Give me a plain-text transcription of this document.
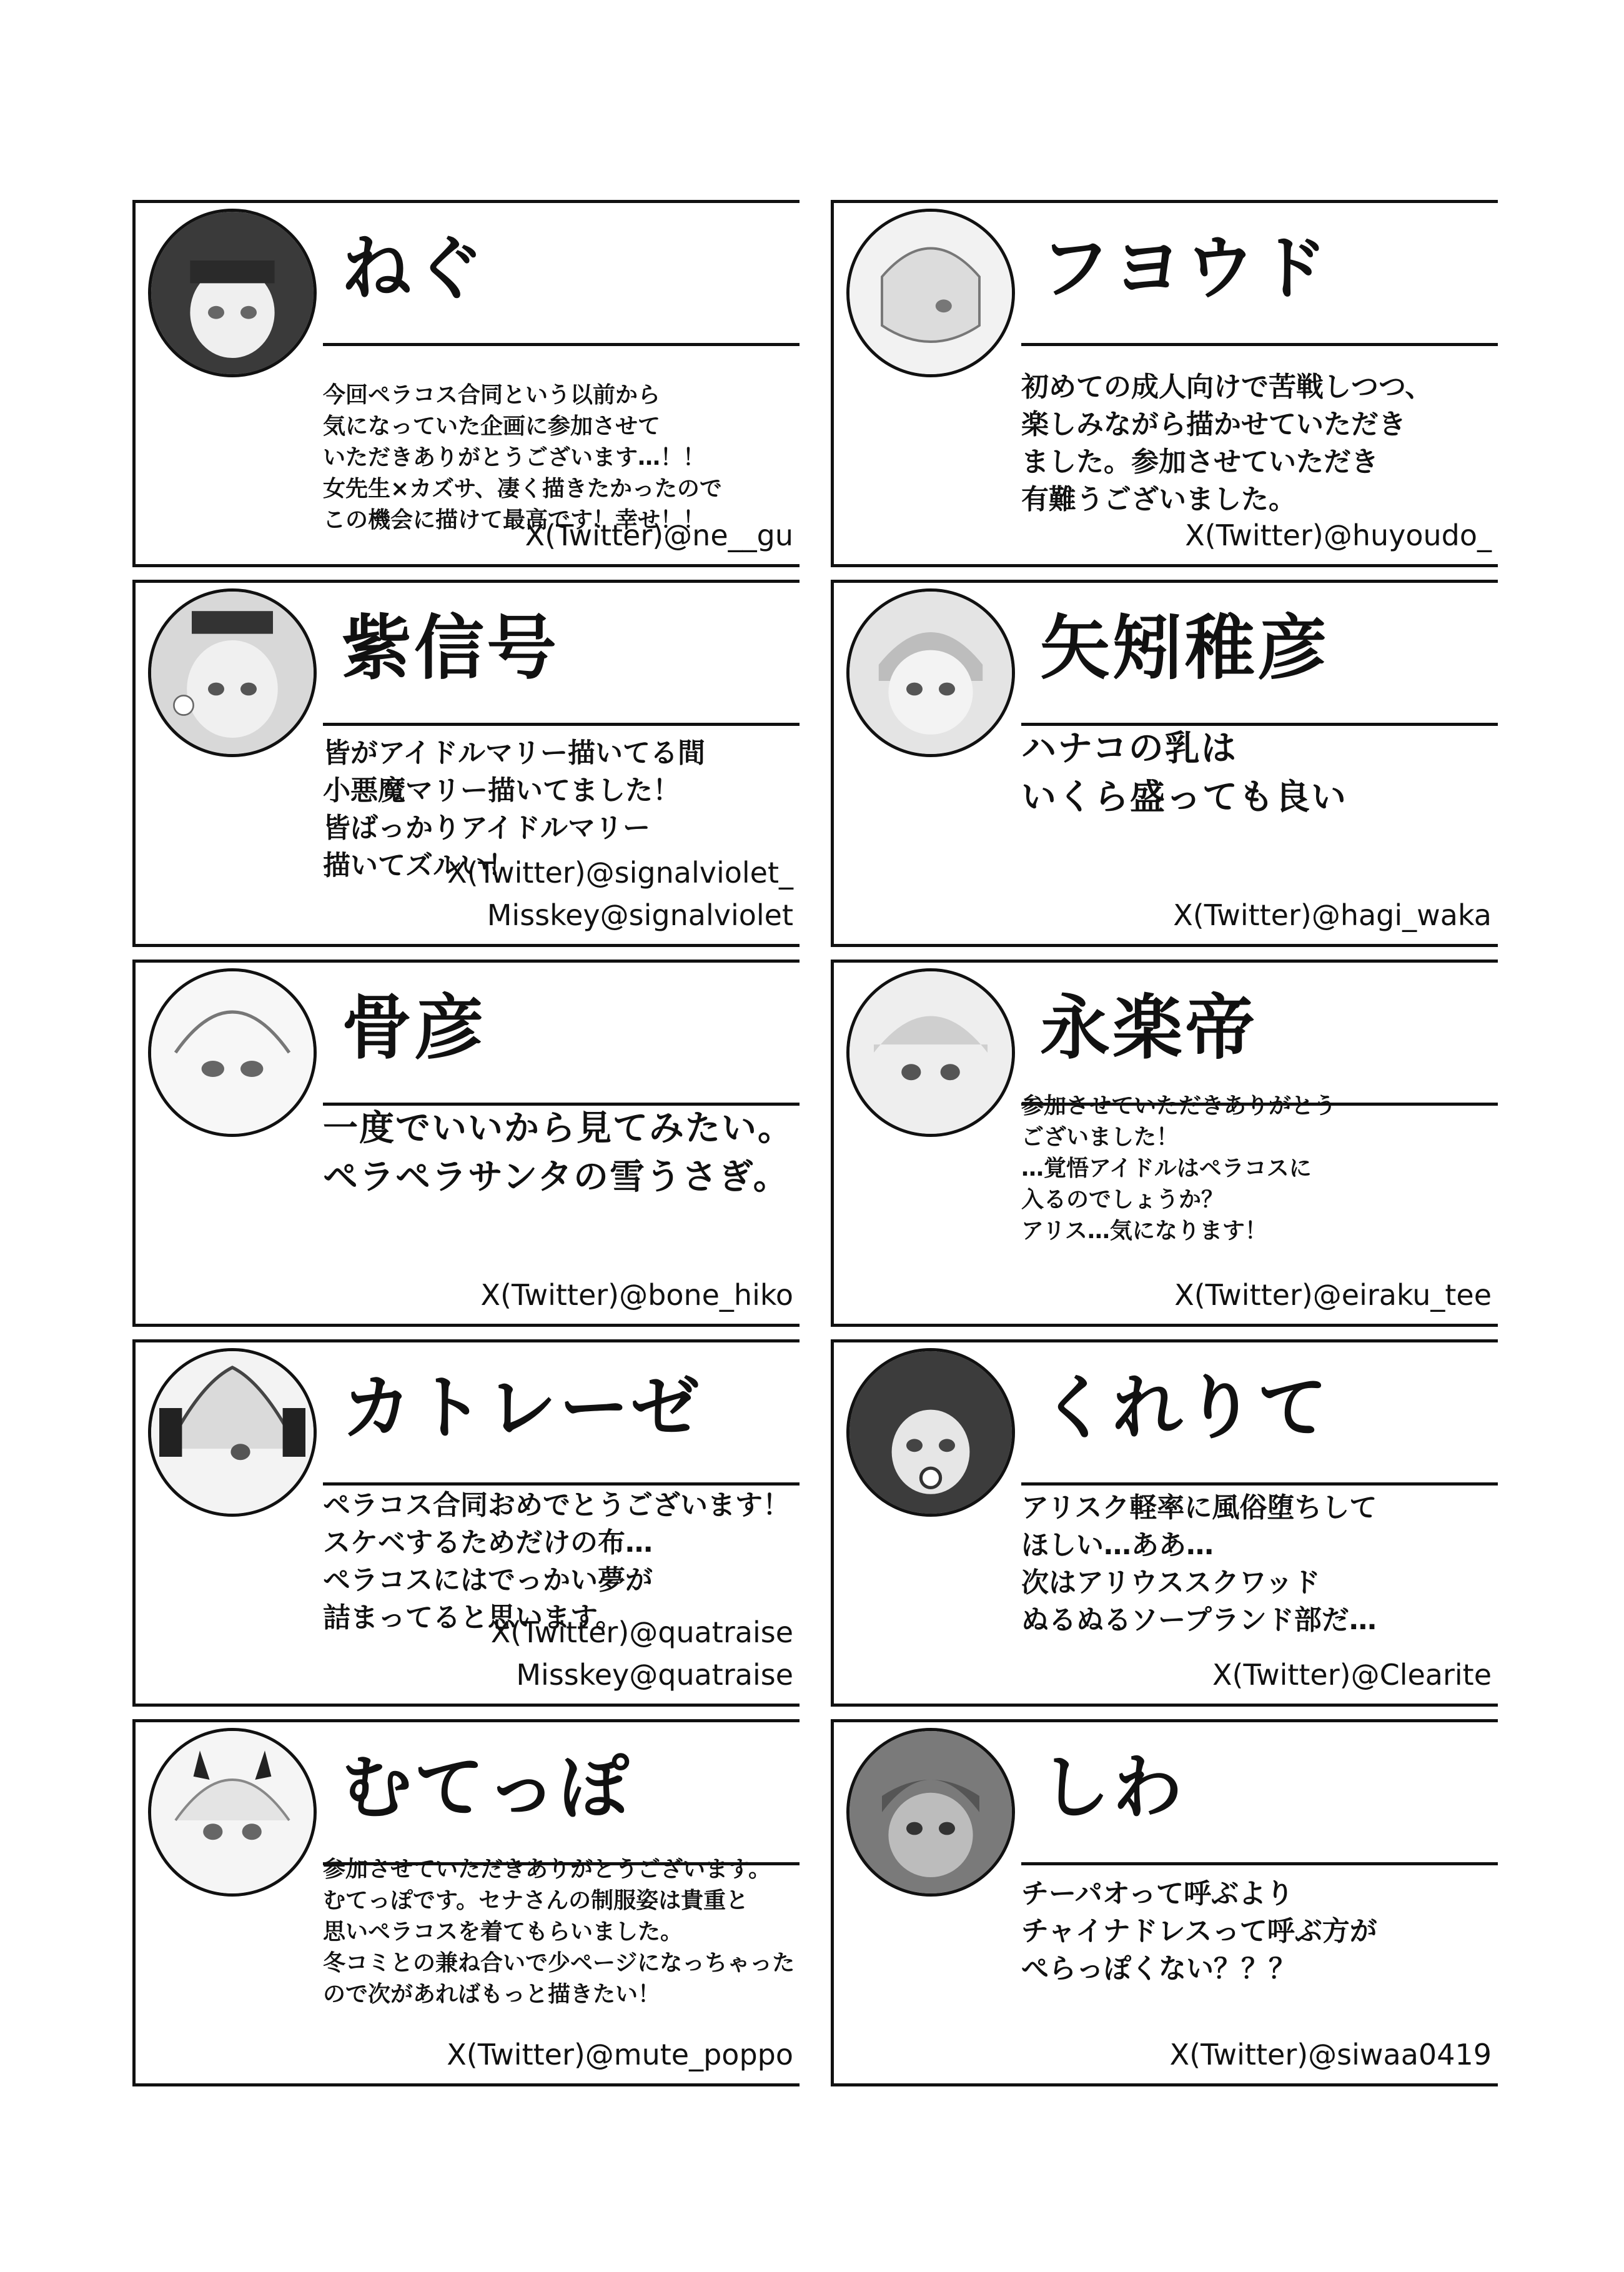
ねぐ
今回ペラコス合同という以前から
気になっていた企画に参加させて
いただきありがとうございます…！！
女先生×カズサ、凄く描きたかったので
この機会に描けて最高です！幸せ！！
X(Twitter)@ne__gu
フヨウド
初めての成人向けで苦戦しつつ、
楽しみながら描かせていただき
ました。参加させていただき
有難うございました。
X(Twitter)@huyoudo_
紫信号
皆がアイドルマリー描いてる間
小悪魔マリー描いてました！
皆ばっかりアイドルマリー
描いてズルい！
X(Twitter)@signalviolet_
Misskey@signalviolet
矢矧稚彦
ハナコの乳は
いくら盛っても良い
X(Twitter)@hagi_waka
骨彦
一度でいいから見てみたい。
ペラペラサンタの雪うさぎ。
X(Twitter)@bone_hiko
永楽帝
参加させていただきありがとう
ございました！
…覚悟アイドルはペラコスに
入るのでしょうか？
アリス…気になります！
X(Twitter)@eiraku_tee
カトレーゼ
ペラコス合同おめでとうございます！
スケベするためだけの布…
ペラコスにはでっかい夢が
詰まってると思います。
X(Twitter)@quatraise
Misskey@quatraise
くれりて
アリスク軽率に風俗堕ちして
ほしい…ああ…
次はアリウススクワッド
ぬるぬるソープランド部だ…
X(Twitter)@Clearite
むてっぽ
参加させていただきありがとうございます。
むてっぽです。セナさんの制服姿は貴重と
思いペラコスを着てもらいました。
冬コミとの兼ね合いで少ページになっちゃった
ので次があればもっと描きたい！
X(Twitter)@mute_poppo
しわ
チーパオって呼ぶより
チャイナドレスって呼ぶ方が
ぺらっぽくない？？？
X(Twitter)@siwaa0419
